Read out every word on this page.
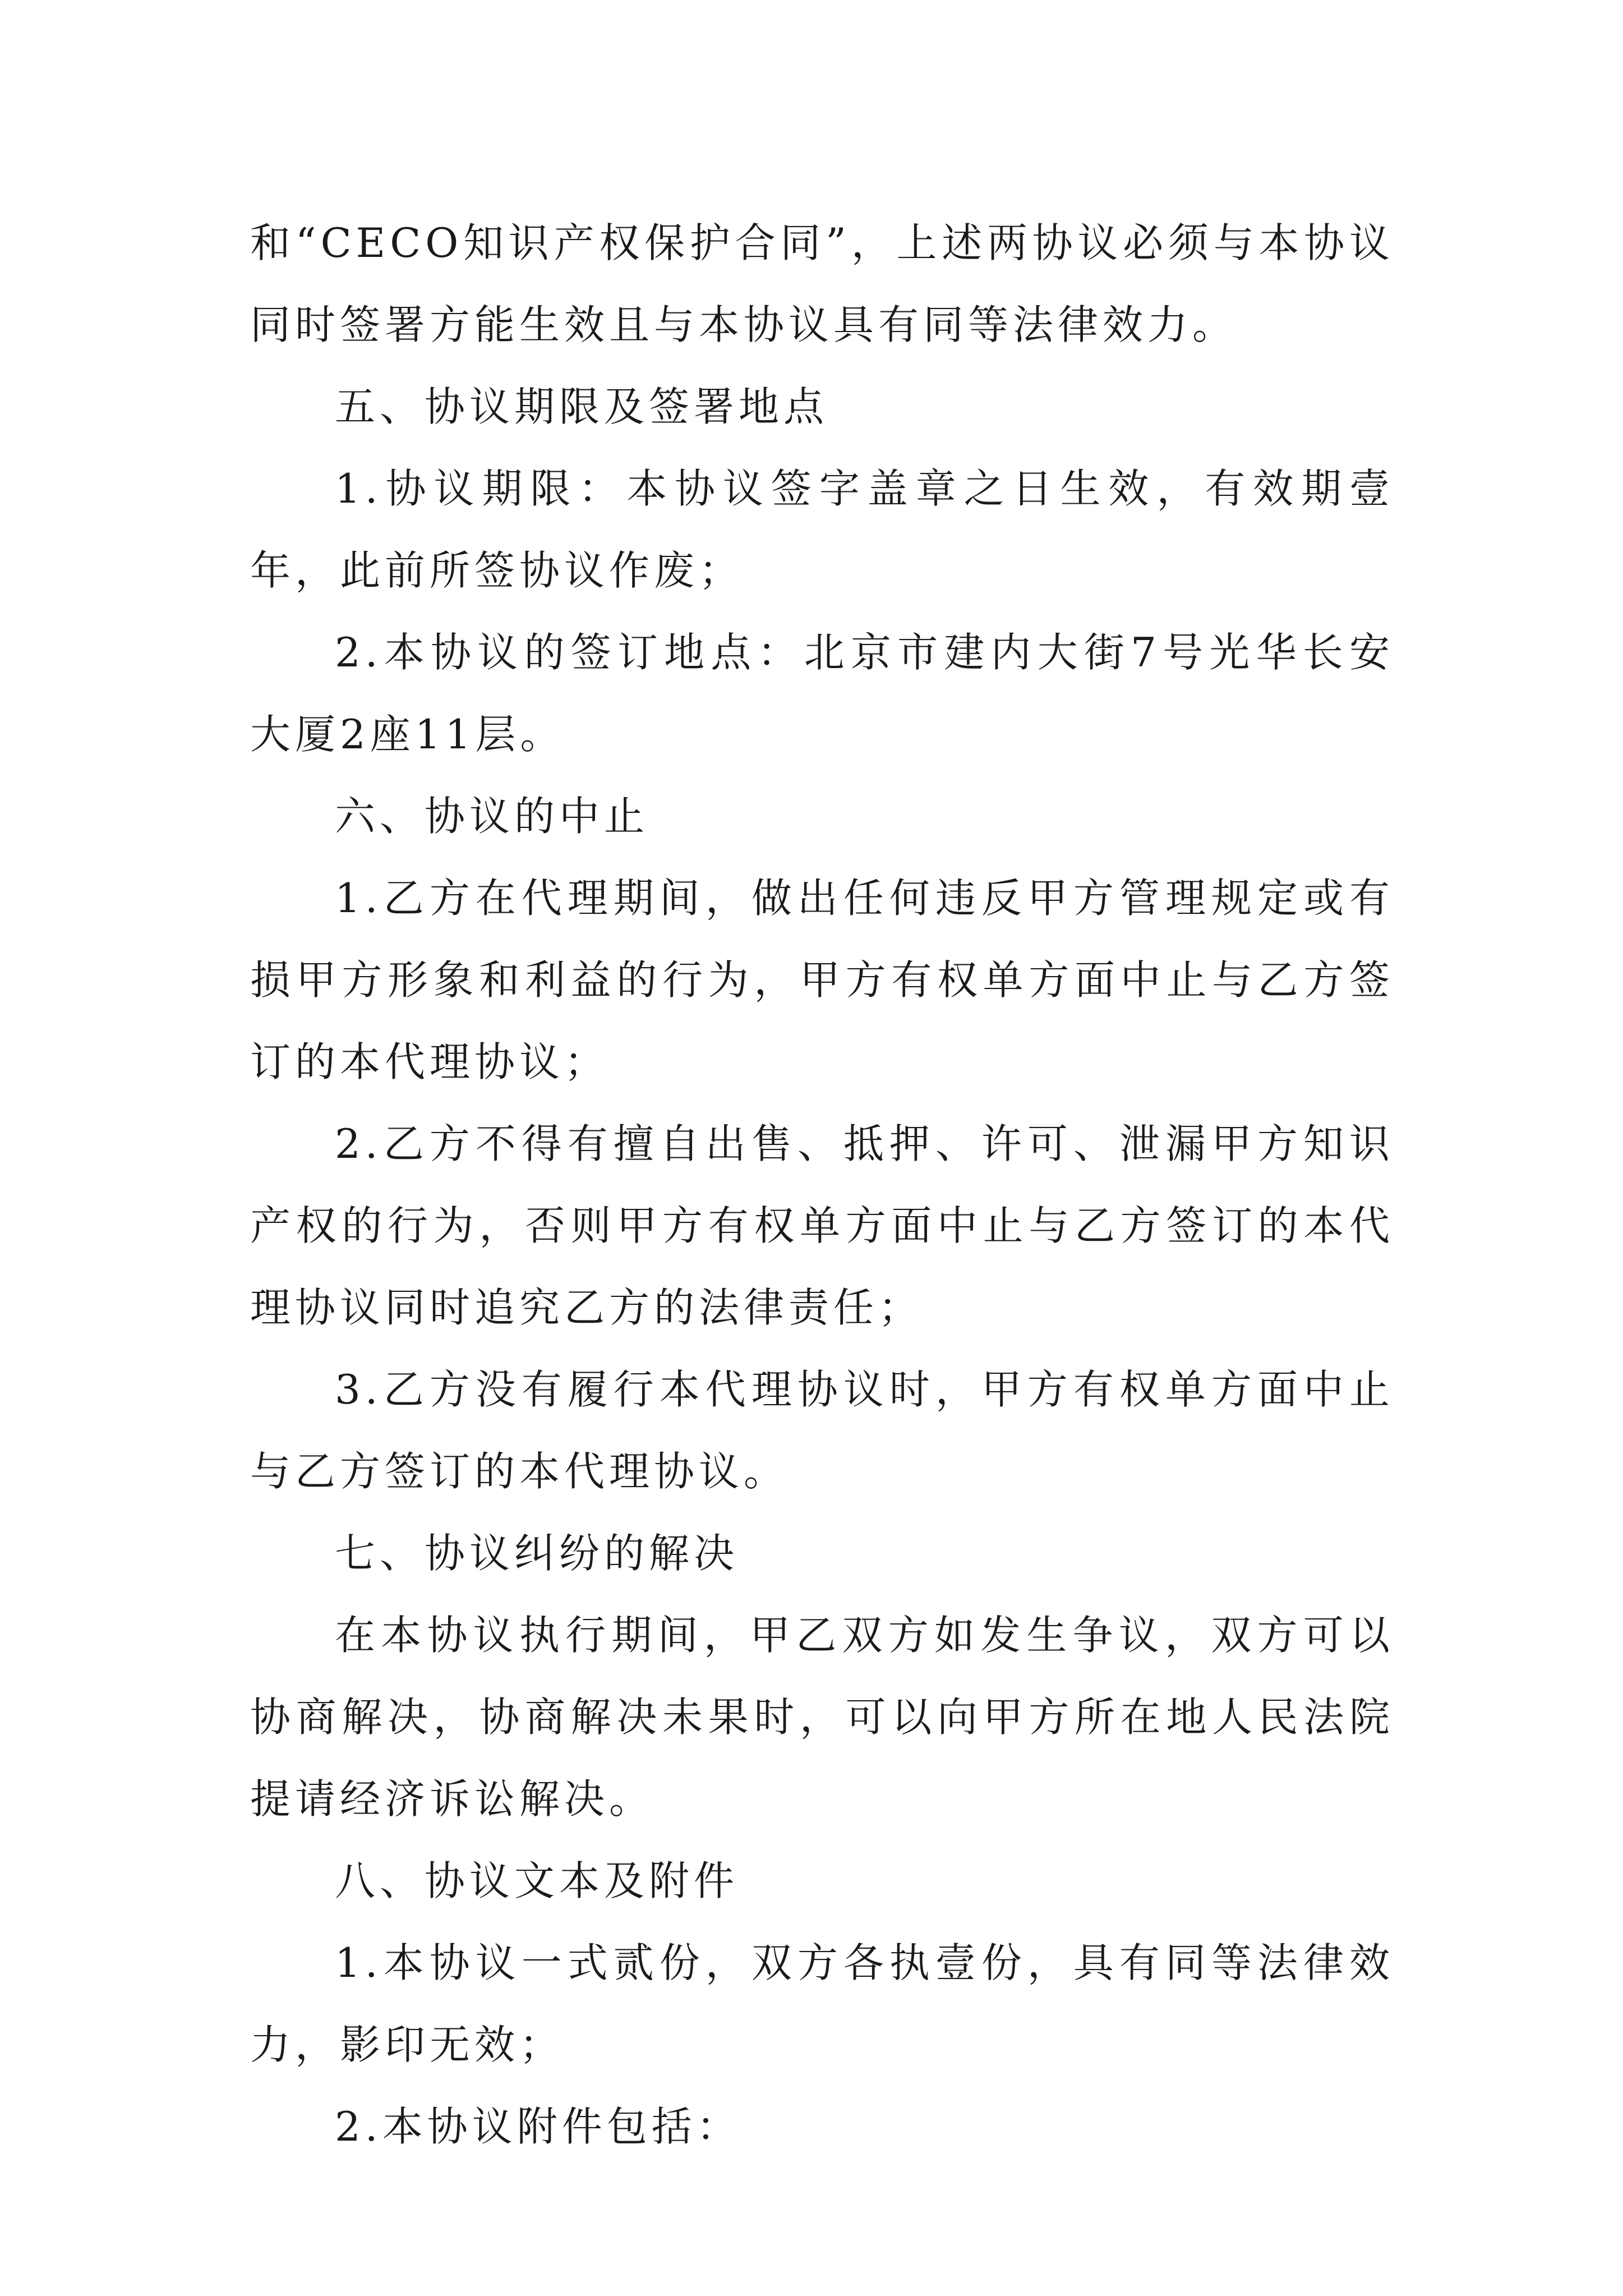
和“CECO知识产权保护合同”，上述两协议必须与本协议同时签署方能生效且与本协议具有同等法律效力。

五、协议期限及签署地点

1.协议期限：本协议签字盖章之日生效，有效期壹年，此前所签协议作废；

2.本协议的签订地点：北京市建内大街7号光华长安大厦2座11层。

六、协议的中止

1.乙方在代理期间，做出任何违反甲方管理规定或有损甲方形象和利益的行为，甲方有权单方面中止与乙方签订的本代理协议；

2.乙方不得有擅自出售、抵押、许可、泄漏甲方知识产权的行为，否则甲方有权单方面中止与乙方签订的本代理协议同时追究乙方的法律责任；

3.乙方没有履行本代理协议时，甲方有权单方面中止与乙方签订的本代理协议。

七、协议纠纷的解决

在本协议执行期间，甲乙双方如发生争议，双方可以协商解决，协商解决未果时，可以向甲方所在地人民法院提请经济诉讼解决。

八、协议文本及附件

1.本协议一式贰份，双方各执壹份，具有同等法律效力，影印无效；

2.本协议附件包括：
